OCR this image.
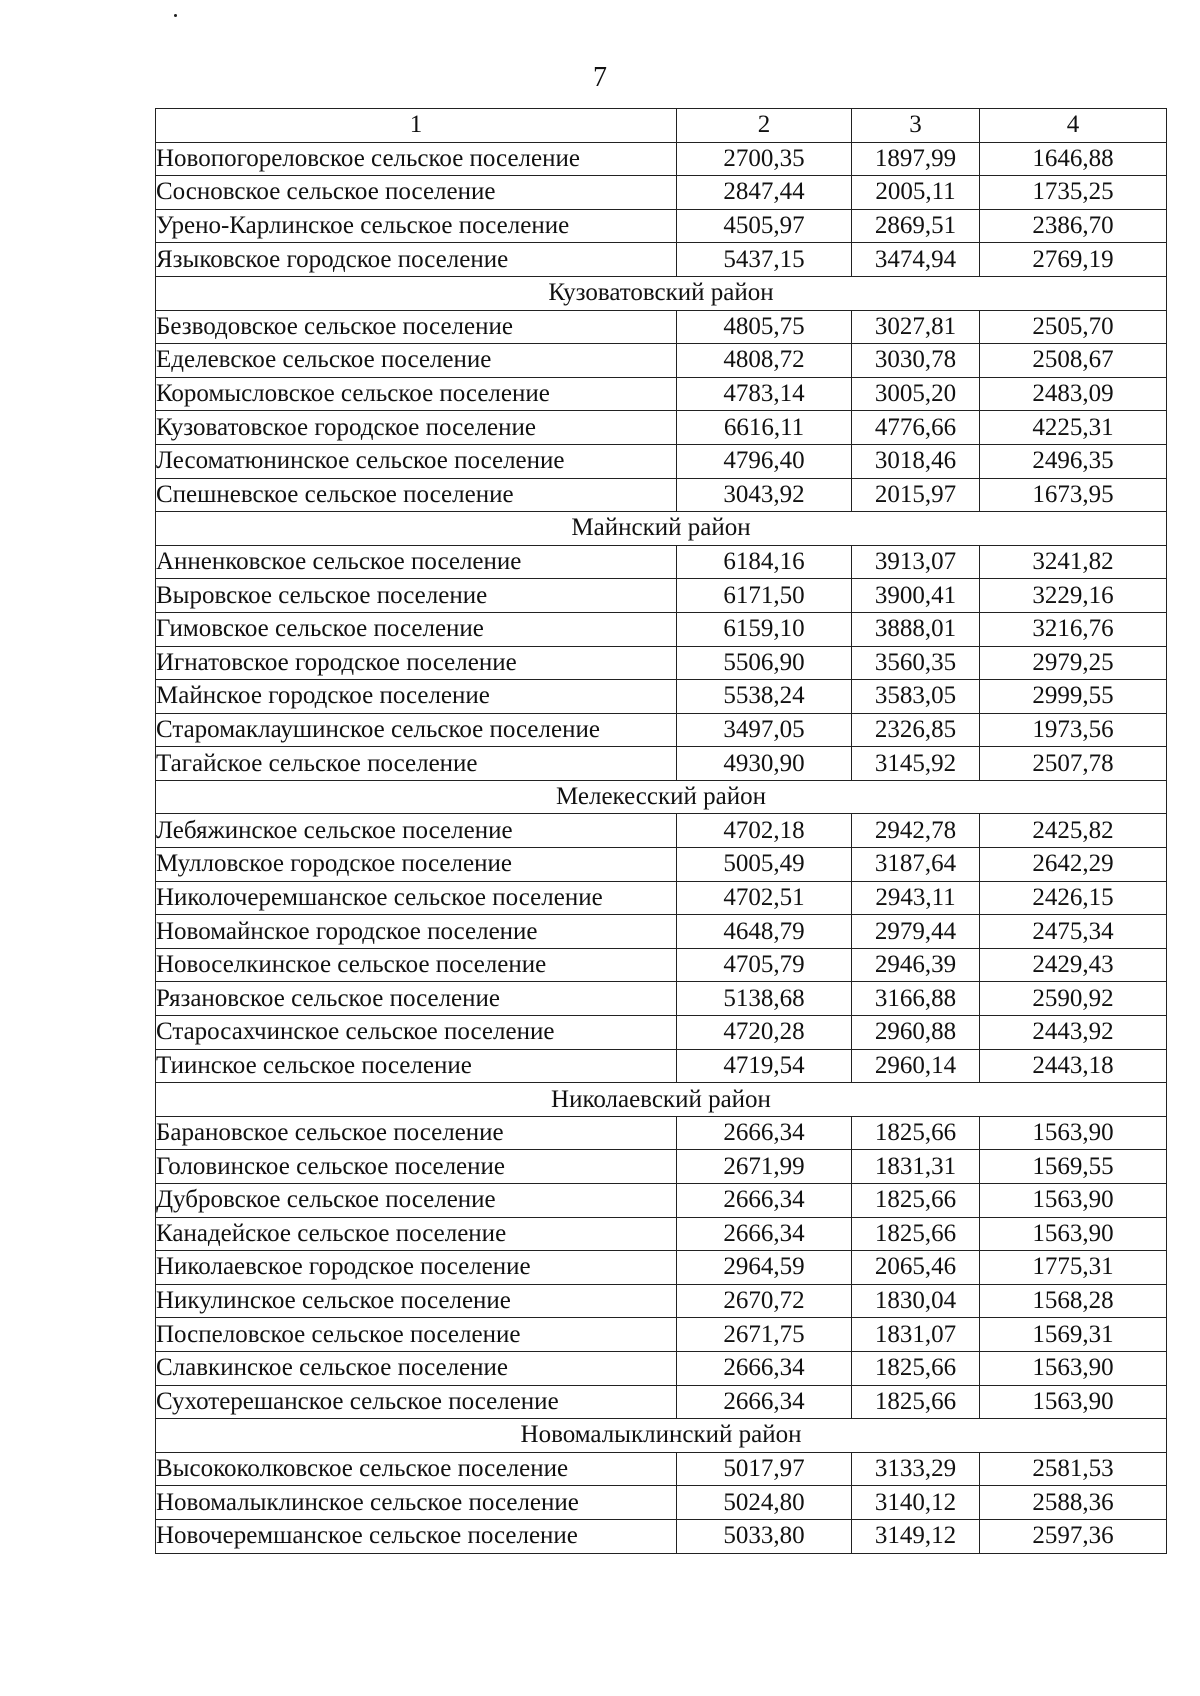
7
1	2	3	4
Новопогореловское сельское поселение	2700,35	1897,99	1646,88
Сосновское сельское поселение	2847,44	2005,11	1735,25
Урено-Карлинское сельское поселение	4505,97	2869,51	2386,70
Языковское городское поселение	5437,15	3474,94	2769,19
Кузоватовский район			
Безводовское сельское поселение	4805,75	3027,81	2505,70
Еделевское сельское поселение	4808,72	3030,78	2508,67
Коромысловское сельское поселение	4783,14	3005,20	2483,09
Кузоватовское городское поселение	6616,11	4776,66	4225,31
Лесоматюнинское сельское поселение	4796,40	3018,46	2496,35
Спешневское сельское поселение	3043,92	2015,97	1673,95
Майнский район			
Анненковское сельское поселение	6184,16	3913,07	3241,82
Выровское сельское поселение	6171,50	3900,41	3229,16
Гимовское сельское поселение	6159,10	3888,01	3216,76
Игнатовское городское поселение	5506,90	3560,35	2979,25
Майнское городское поселение	5538,24	3583,05	2999,55
Старомаклаушинское сельское поселение	3497,05	2326,85	1973,56
Тагайское сельское поселение	4930,90	3145,92	2507,78
Мелекесский район			
Лебяжинское сельское поселение	4702,18	2942,78	2425,82
Мулловское городское поселение	5005,49	3187,64	2642,29
Николочеремшанское сельское поселение	4702,51	2943,11	2426,15
Новомайнское городское поселение	4648,79	2979,44	2475,34
Новоселкинское сельское поселение	4705,79	2946,39	2429,43
Рязановское сельское поселение	5138,68	3166,88	2590,92
Старосахчинское сельское поселение	4720,28	2960,88	2443,92
Тиинское сельское поселение	4719,54	2960,14	2443,18
Николаевский район			
Барановское сельское поселение	2666,34	1825,66	1563,90
Головинское сельское поселение	2671,99	1831,31	1569,55
Дубровское сельское поселение	2666,34	1825,66	1563,90
Канадейское сельское поселение	2666,34	1825,66	1563,90
Николаевское городское поселение	2964,59	2065,46	1775,31
Никулинское сельское поселение	2670,72	1830,04	1568,28
Поспеловское сельское поселение	2671,75	1831,07	1569,31
Славкинское сельское поселение	2666,34	1825,66	1563,90
Сухотерешанское сельское поселение	2666,34	1825,66	1563,90
Новомалыклинский район			
Высококолковское сельское поселение	5017,97	3133,29	2581,53
Новомалыклинское сельское поселение	5024,80	3140,12	2588,36
Новочеремшанское сельское поселение	5033,80	3149,12	2597,36
